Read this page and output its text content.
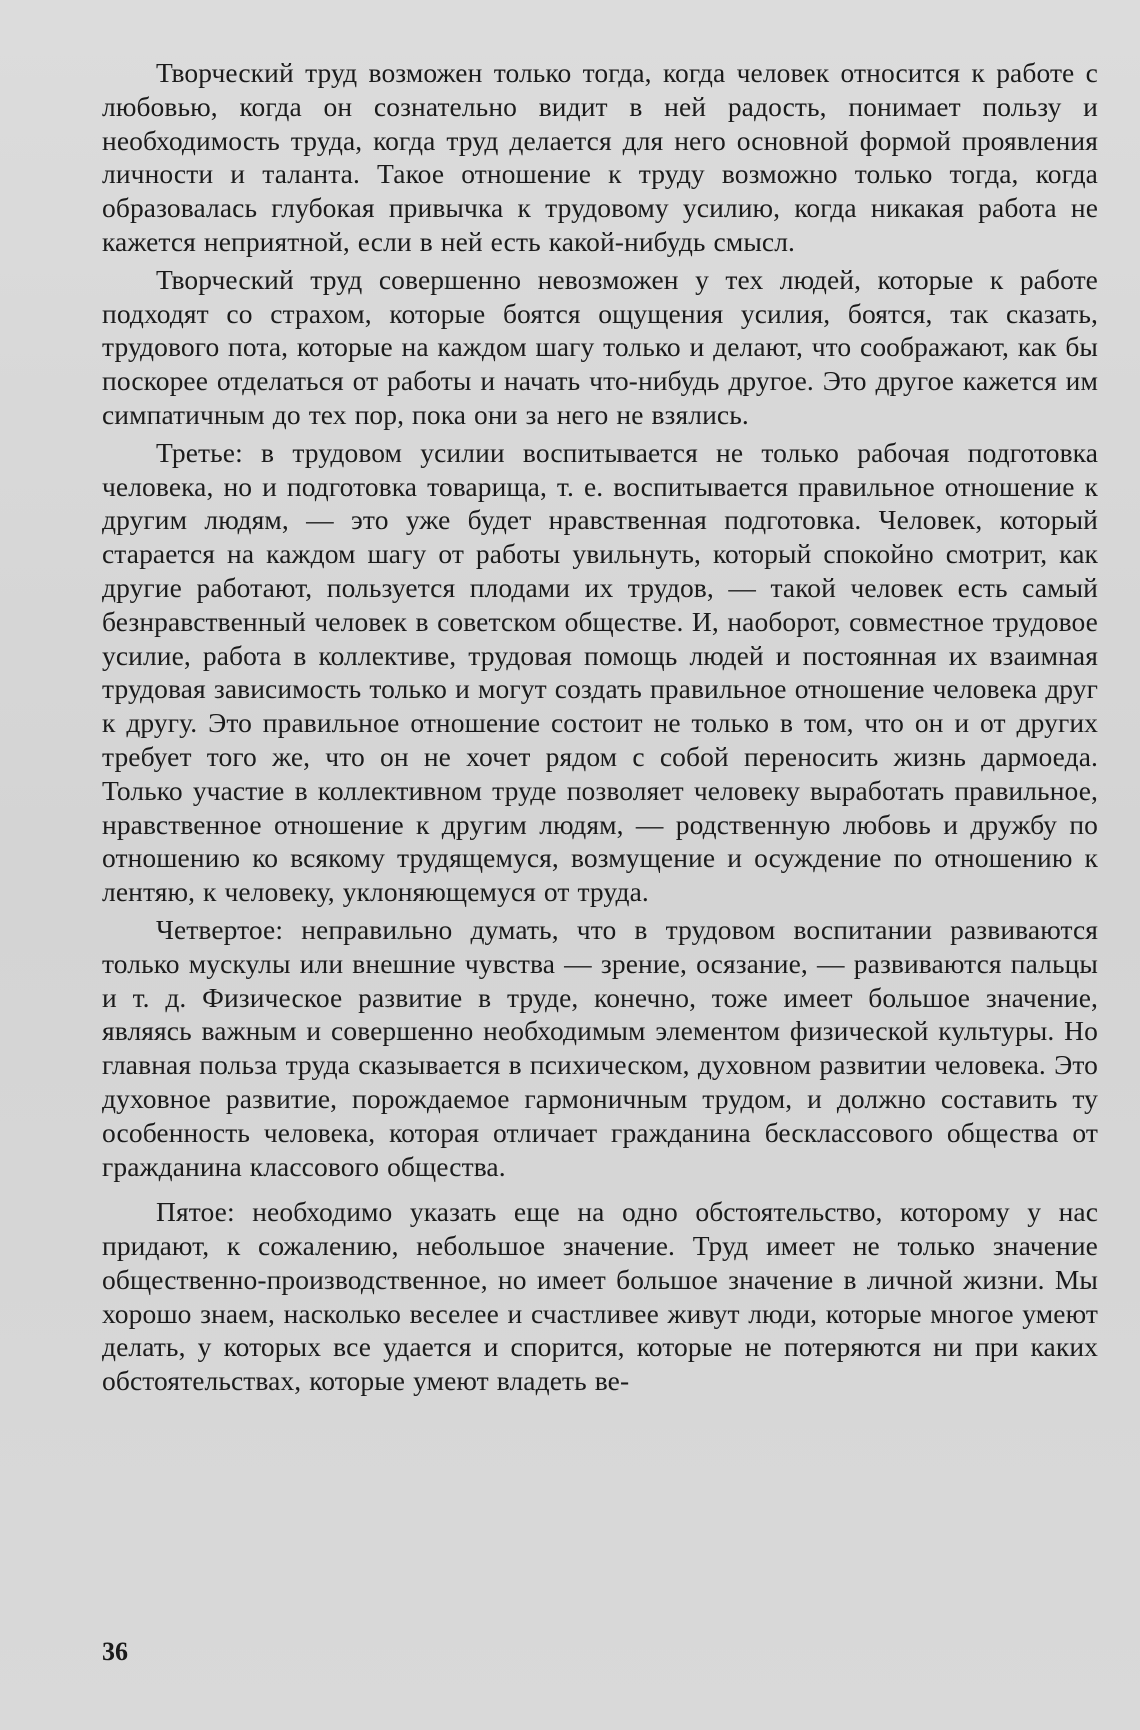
Творческий труд возможен только тогда, когда человек относится к работе с любовью, когда он сознательно видит в ней радость, понимает пользу и необходимость труда, когда труд делается для него основной формой проявления личности и таланта. Такое отношение к труду возможно только тогда, когда образовалась глубокая привычка к трудовому усилию, когда никакая работа не кажется неприятной, если в ней есть какой-нибудь смысл.

Творческий труд совершенно невозможен у тех людей, которые к работе подходят со страхом, которые боятся ощущения усилия, боятся, так сказать, трудового пота, которые на каждом шагу только и делают, что соображают, как бы поскорее отделаться от работы и начать что-нибудь другое. Это другое кажется им симпатичным до тех пор, пока они за него не взялись.

Третье: в трудовом усилии воспитывается не только рабочая подготовка человека, но и подготовка товарища, т. е. воспитывается правильное отношение к другим людям, — это уже будет нравственная подготовка. Человек, который старается на каждом шагу от работы увильнуть, который спокойно смотрит, как другие работают, пользуется плодами их трудов, — такой человек есть самый безнравственный человек в советском обществе. И, наоборот, совместное трудовое усилие, работа в коллективе, трудовая помощь людей и постоянная их взаимная трудовая зависимость только и могут создать правильное отношение человека друг к другу. Это правильное отношение состоит не только в том, что он и от других требует того же, что он не хочет рядом с собой переносить жизнь дармоеда. Только участие в коллективном труде позволяет человеку выработать правильное, нравственное отношение к другим людям, — родственную любовь и дружбу по отношению ко всякому трудящемуся, возмущение и осуждение по отношению к лентяю, к человеку, уклоняющемуся от труда.

Четвертое: неправильно думать, что в трудовом воспитании развиваются только мускулы или внешние чувства — зрение, осязание, — развиваются пальцы и т. д. Физическое развитие в труде, конечно, тоже имеет большое значение, являясь важным и совершенно необходимым элементом физической культуры. Но главная польза труда сказывается в психическом, духовном развитии человека. Это духовное развитие, порождаемое гармоничным трудом, и должно составить ту особенность человека, которая отличает гражданина бесклассового общества от гражданина классового общества.

Пятое: необходимо указать еще на одно обстоятельство, которому у нас придают, к сожалению, небольшое значение. Труд имеет не только значение общественно-производственное, но имеет большое значение в личной жизни. Мы хорошо знаем, насколько веселее и счастливее живут люди, которые многое умеют делать, у которых все удается и спорится, которые не потеряются ни при каких обстоятельствах, которые умеют владеть ве-

36
